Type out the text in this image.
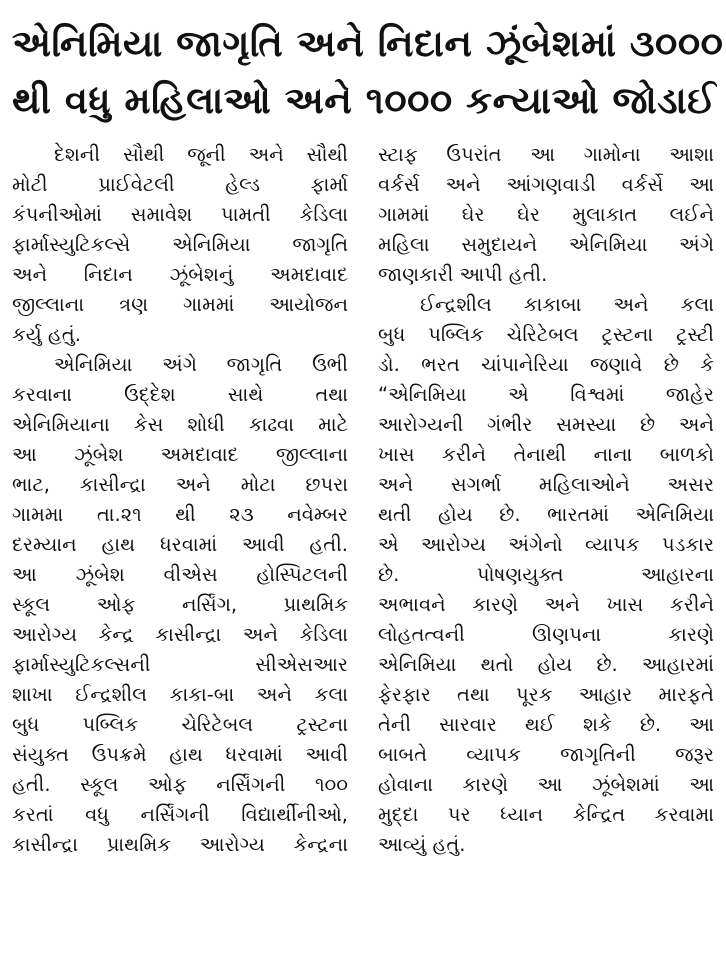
એનિમિયા જાગૃતિ અને નિદાન ઝૂંબેશમાં ૩૦૦૦
થી વધુ મહિલાઓ અને ૧૦૦૦ કન્યાઓ જોડાઈ
દેશની સૌથી જૂની અને સૌથી
મોટી પ્રાઈવેટલી હેલ્ડ ફાર્મા
કંપનીઓમાં સમાવેશ પામતી કેડિલા
ફાર્માસ્યુટિકલ્સે એનિમિયા જાગૃતિ
અને નિદાન ઝૂંબેશનું અમદાવાદ
જીલ્લાના ત્રણ ગામમાં આયોજન
કર્યુ હતું.
એનિમિયા અંગે જાગૃતિ ઉભી
કરવાના ઉદ્દેશ સાથે તથા
એનિમિયાના કેસ શોધી કાઢવા માટે
આ ઝૂંબેશ અમદાવાદ જીલ્લાના
ભાટ, કાસીન્દ્રા અને મોટા છપરા
ગામમા તા.૨૧ થી ૨૩ નવેમ્બર
દરમ્યાન હાથ ધરવામાં આવી હતી.
આ ઝૂંબેશ વીએસ હોસ્પિટલની
સ્કૂલ ઓફ નર્સિંગ, પ્રાથમિક
આરોગ્ય કેન્દ્ર કાસીન્દ્રા અને કેડિલા
ફાર્માસ્યુટિકલ્સની સીએસઆર
શાખા ઈન્દ્રશીલ કાકા-બા અને કલા
બુધ પબ્લિક ચેરિટેબલ ટ્રસ્ટના
સંયુક્ત ઉપક્રમે હાથ ધરવામાં આવી
હતી. સ્કૂલ ઓફ નર્સિંગની ૧૦૦
કરતાં વધુ નર્સિંગની વિદ્યાર્થીનીઓ,
કાસીન્દ્રા પ્રાથમિક આરોગ્ય કેન્દ્રના
સ્ટાફ ઉપરાંત આ ગામોના આશા
વર્કર્સ અને આંગણવાડી વર્કર્સે આ
ગામમાં ઘેર ઘેર મુલાકાત લઈને
મહિલા સમુદાયને એનિમિયા અંગે
જાણકારી આપી હતી.
ઈન્દ્રશીલ કાકાબા અને કલા
બુધ પબ્લિક ચેરિટેબલ ટ્રસ્ટના ટ્રસ્ટી
ડો. ભરત ચાંપાનેરિયા જણાવે છે કે
“એનિમિયા એ વિશ્વમાં જાહેર
આરોગ્યની ગંભીર સમસ્યા છે અને
ખાસ કરીને તેનાથી નાના બાળકો
અને સગર્ભા મહિલાઓને અસર
થતી હોય છે. ભારતમાં એનિમિયા
એ આરોગ્ય અંગેનો વ્યાપક પડકાર
છે. પોષણયુક્ત આહારના
અભાવને કારણે અને ખાસ કરીને
લોહતત્વની ઊણપના કારણે
એનિમિયા થતો હોય છે. આહારમાં
ફેરફાર તથા પૂરક આહાર મારફતે
તેની સારવાર થઈ શકે છે. આ
બાબતે વ્યાપક જાગૃતિની જરૂર
હોવાના કારણે આ ઝૂંબેશમાં આ
મુદ્દા પર ધ્યાન કેન્દ્રિત કરવામા
આવ્યું હતું.
